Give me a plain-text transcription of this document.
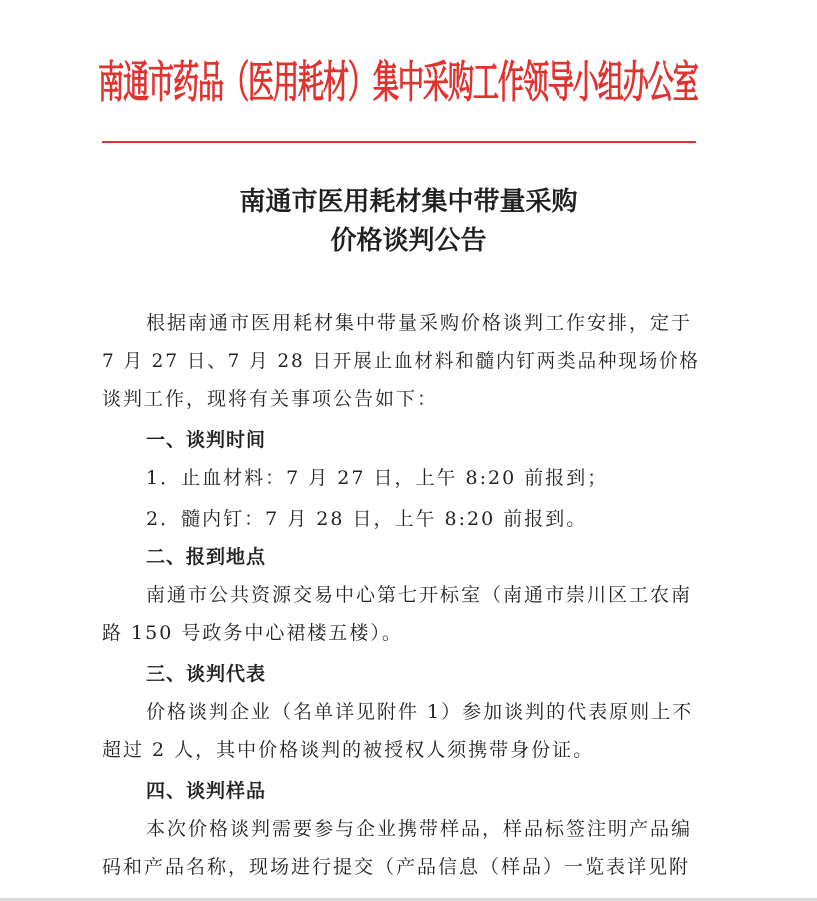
南通市药品（医用耗材）集中采购工作领导小组办公室
南通市医用耗材集中带量采购
价格谈判公告
根据南通市医用耗材集中带量采购价格谈判工作安排，定于
7 月 27 日、7 月 28 日开展止血材料和髓内钉两类品种现场价格
谈判工作，现将有关事项公告如下：
一、谈判时间
1．止血材料：7 月 27 日，上午 8:20 前报到；
2．髓内钉：7 月 28 日，上午 8:20 前报到。
二、报到地点
南通市公共资源交易中心第七开标室（南通市崇川区工农南
路 150 号政务中心裙楼五楼）。
三、谈判代表
价格谈判企业（名单详见附件 1）参加谈判的代表原则上不
超过 2 人，其中价格谈判的被授权人须携带身份证。
四、谈判样品
本次价格谈判需要参与企业携带样品，样品标签注明产品编
码和产品名称，现场进行提交（产品信息（样品）一览表详见附
